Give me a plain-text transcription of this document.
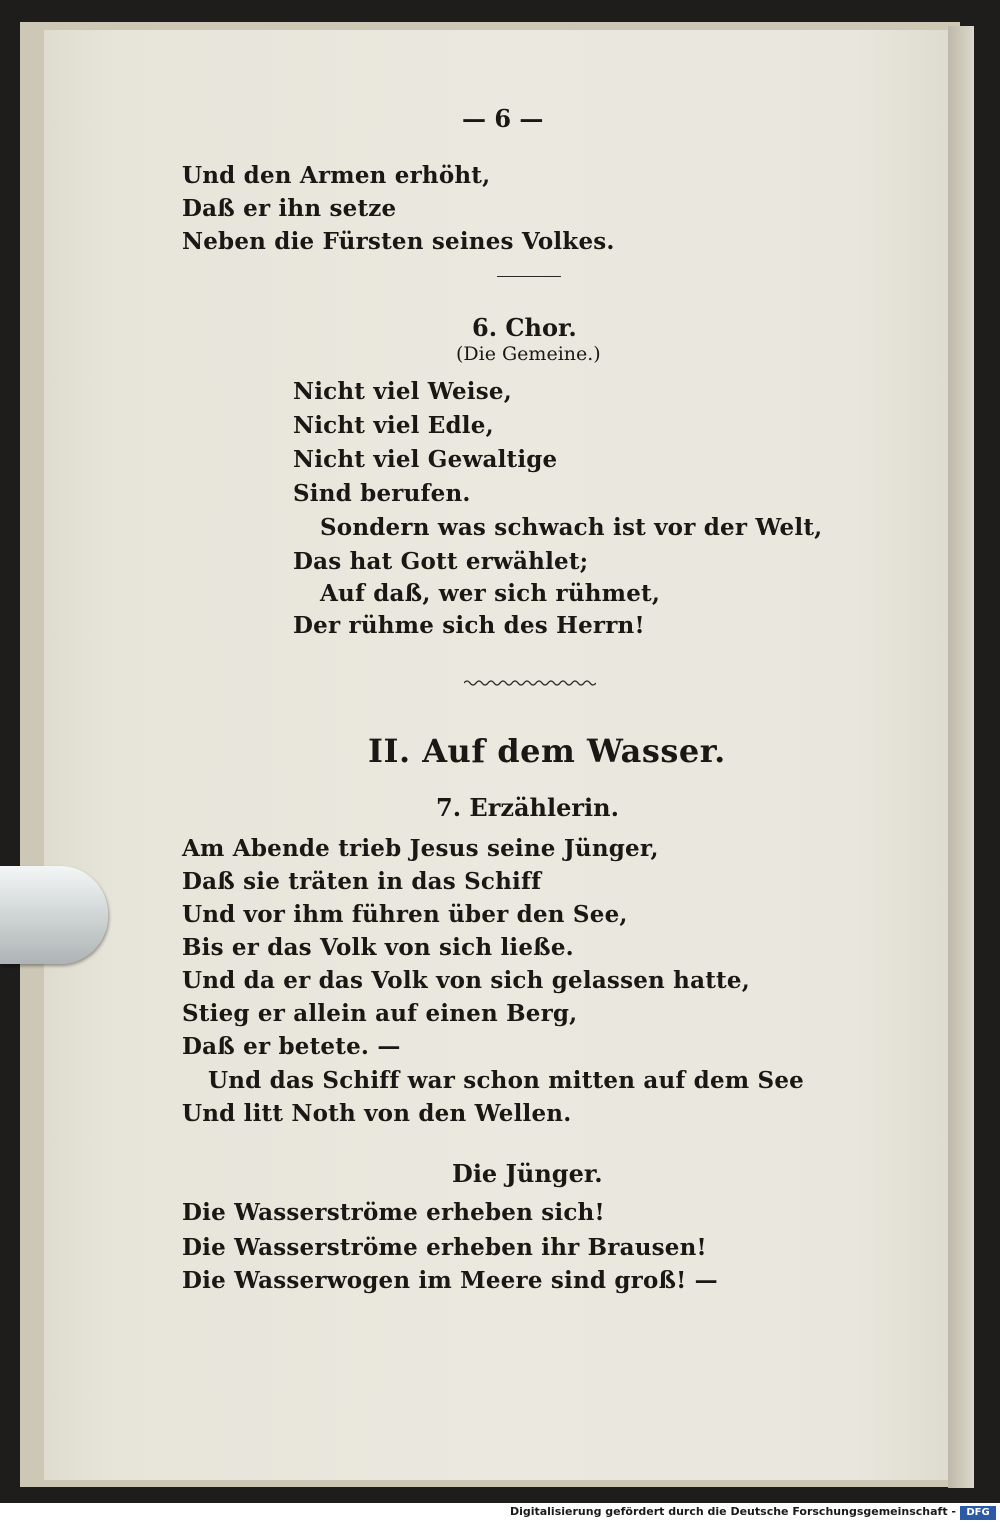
— 6 —

Und den Armen erhöht,

Daß er ihn setze

Neben die Fürsten seines Volkes.

6. Chor.

(Die Gemeine.)

Nicht viel Weise,

Nicht viel Edle,

Nicht viel Gewaltige

Sind berufen.

Sondern was schwach ist vor der Welt,

Das hat Gott erwählet;

Auf daß, wer sich rühmet,

Der rühme sich des Herrn!

II. Auf dem Wasser.

7. Erzählerin.

Am Abende trieb Jesus seine Jünger,

Daß sie träten in das Schiff

Und vor ihm führen über den See,

Bis er das Volk von sich ließe.

Und da er das Volk von sich gelassen hatte,

Stieg er allein auf einen Berg,

Daß er betete. —

Und das Schiff war schon mitten auf dem See

Und litt Noth von den Wellen.

Die Jünger.

Die Wasserströme erheben sich!

Die Wasserströme erheben ihr Brausen!

Die Wasserwogen im Meere sind groß! —

Digitalisierung gefördert durch die Deutsche Forschungsgemeinschaft -	DFG
